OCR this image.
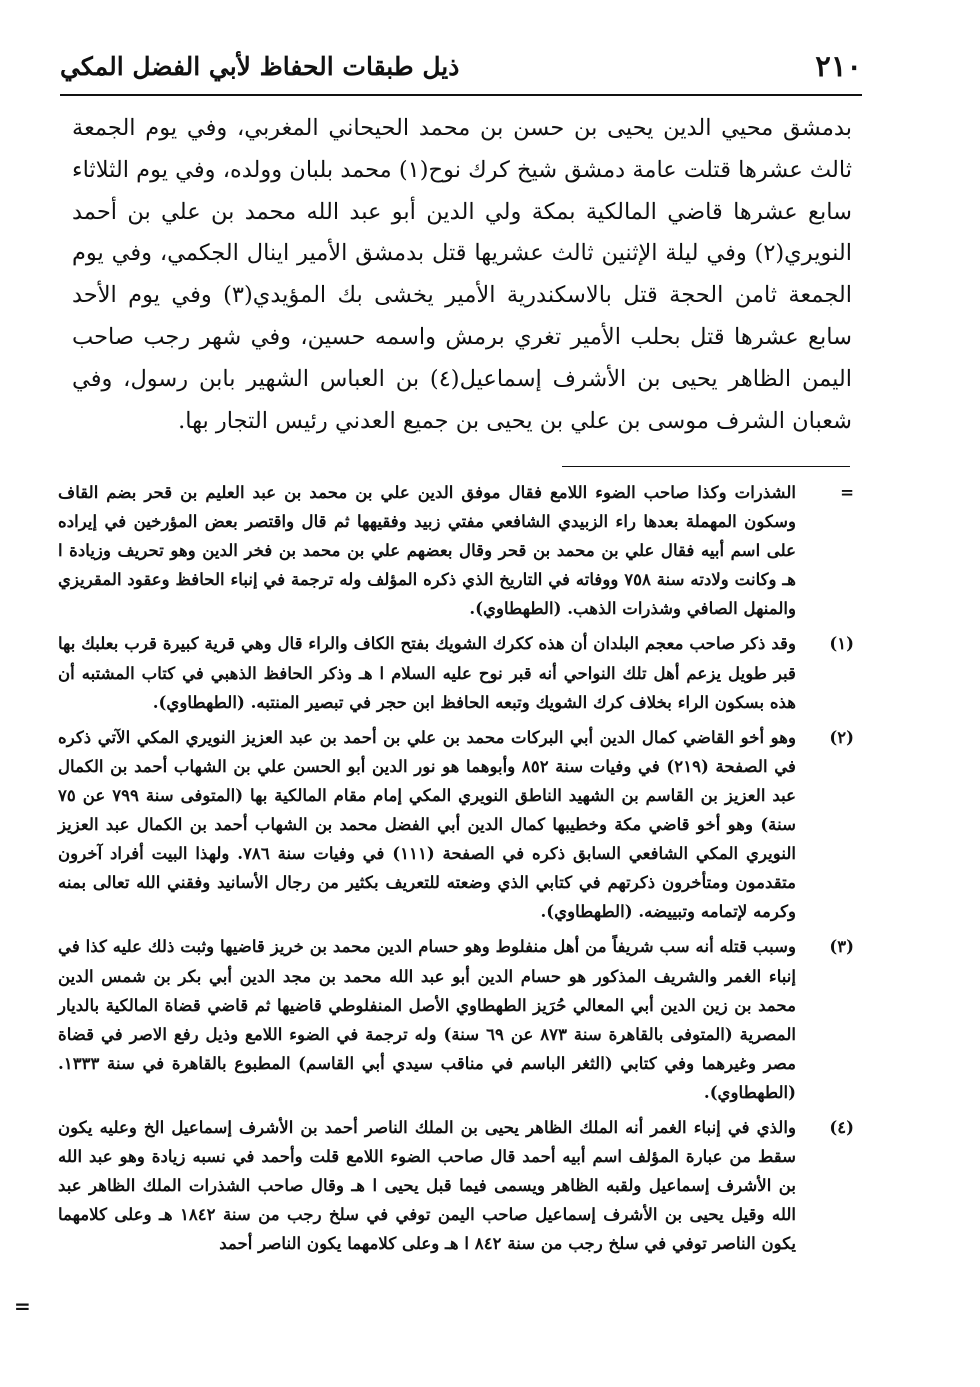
٢١٠
ذيل طبقات الحفاظ لأبي الفضل المكي

بدمشق محيي الدين يحيى بن حسن بن محمد الحيحاني المغربي، وفي يوم الجمعة ثالث عشرها قتلت عامة دمشق شيخ كرك نوح(١) محمد بلبان وولده، وفي يوم الثلاثاء سابع عشرها قاضي المالكية بمكة ولي الدين أبو عبد الله محمد بن علي بن أحمد النويري(٢) وفي ليلة الإثنين ثالث عشريها قتل بدمشق الأمير اينال الجكمي، وفي يوم الجمعة ثامن الحجة قتل بالاسكندرية الأمير يخشى بك المؤيدي(٣) وفي يوم الأحد سابع عشرها قتل بحلب الأمير تغري برمش واسمه حسين، وفي شهر رجب صاحب اليمن الظاهر يحيى بن الأشرف إسماعيل(٤) بن العباس الشهير بابن رسول، وفي شعبان الشرف موسى بن علي بن يحيى بن جميع العدني رئيس التجار بها.

=
الشذرات وكذا صاحب الضوء اللامع فقال موفق الدين علي بن محمد بن عبد العليم بن قحر بضم القاف وسكون المهملة بعدها راء الزبيدي الشافعي مفتي زبيد وفقيهها ثم قال واقتصر بعض المؤرخين في إيراده على اسم أبيه فقال علي بن محمد بن قحر وقال بعضهم علي بن محمد بن فخر الدين وهو تحريف وزيادة ا هـ وكانت ولادته سنة ٧٥٨ ووفاته في التاريخ الذي ذكره المؤلف وله ترجمة في إنباء الحافظ وعقود المقريزي والمنهل الصافي وشذرات الذهب. (الطهطاوي).
(١)
وقد ذكر صاحب معجم البلدان أن هذه ككرك الشويك بفتح الكاف والراء قال وهي قرية كبيرة قرب بعلبك بها قبر طويل يزعم أهل تلك النواحي أنه قبر نوح عليه السلام ا هـ وذكر الحافظ الذهبي في كتاب المشتبه أن هذه بسكون الراء بخلاف كرك الشويك وتبعه الحافظ ابن حجر في تبصير المنتبه. (الطهطاوي).
(٢)
وهو أخو القاضي كمال الدين أبي البركات محمد بن علي بن أحمد بن عبد العزيز النويري المكي الآتي ذكره في الصفحة (٢١٩) في وفيات سنة ٨٥٢ وأبوهما هو نور الدين أبو الحسن علي بن الشهاب أحمد بن الكمال عبد العزيز بن القاسم بن الشهيد الناطق النويري المكي إمام مقام المالكية بها (المتوفى سنة ٧٩٩ عن ٧٥ سنة) وهو أخو قاضي مكة وخطيبها كمال الدين أبي الفضل محمد بن الشهاب أحمد بن الكمال عبد العزيز النويري المكي الشافعي السابق ذكره في الصفحة (١١١) في وفيات سنة ٧٨٦. ولهذا البيت أفراد آخرون متقدمون ومتأخرون ذكرتهم في كتابي الذي وضعته للتعريف بكثير من رجال الأسانيد وفقني الله تعالى بمنه وكرمه لإتمامه وتبييضه. (الطهطاوي).
(٣)
وسبب قتله أنه سب شريفاً من أهل منفلوط وهو حسام الدين محمد بن خريز قاضيها وثبت ذلك عليه كذا في إنباء الغمر والشريف المذكور هو حسام الدين أبو عبد الله محمد بن مجد الدين أبي بكر بن شمس الدين محمد بن زين الدين أبي المعالي حُرَيز الطهطاوي الأصل المنفلوطي قاضيها ثم قاضي قضاة المالكية بالديار المصرية (المتوفى بالقاهرة سنة ٨٧٣ عن ٦٩ سنة) وله ترجمة في الضوء اللامع وذيل رفع الاصر في قضاة مصر وغيرهما وفي كتابي (الثغر الباسم في مناقب سيدي أبي القاسم) المطبوع بالقاهرة في سنة ١٣٣٣. (الطهطاوي).
(٤)
والذي في إنباء الغمر أنه الملك الظاهر يحيى بن الملك الناصر أحمد بن الأشرف إسماعيل الخ وعليه يكون سقط من عبارة المؤلف اسم أبيه أحمد قال صاحب الضوء اللامع قلت وأحمد في نسبه زيادة وهو عبد الله بن الأشرف إسماعيل ولقبه الظاهر ويسمى فيما قبل يحيى ا هـ وقال صاحب الشذرات الملك الظاهر عبد الله وقيل يحيى بن الأشرف إسماعيل صاحب اليمن توفي في سلخ رجب من سنة ١٨٤٢ هـ وعلى كلامهما يكون الناصر توفي في سلخ رجب من سنة ٨٤٢ ا هـ وعلى كلامهما يكون الناصر أحمد
=
